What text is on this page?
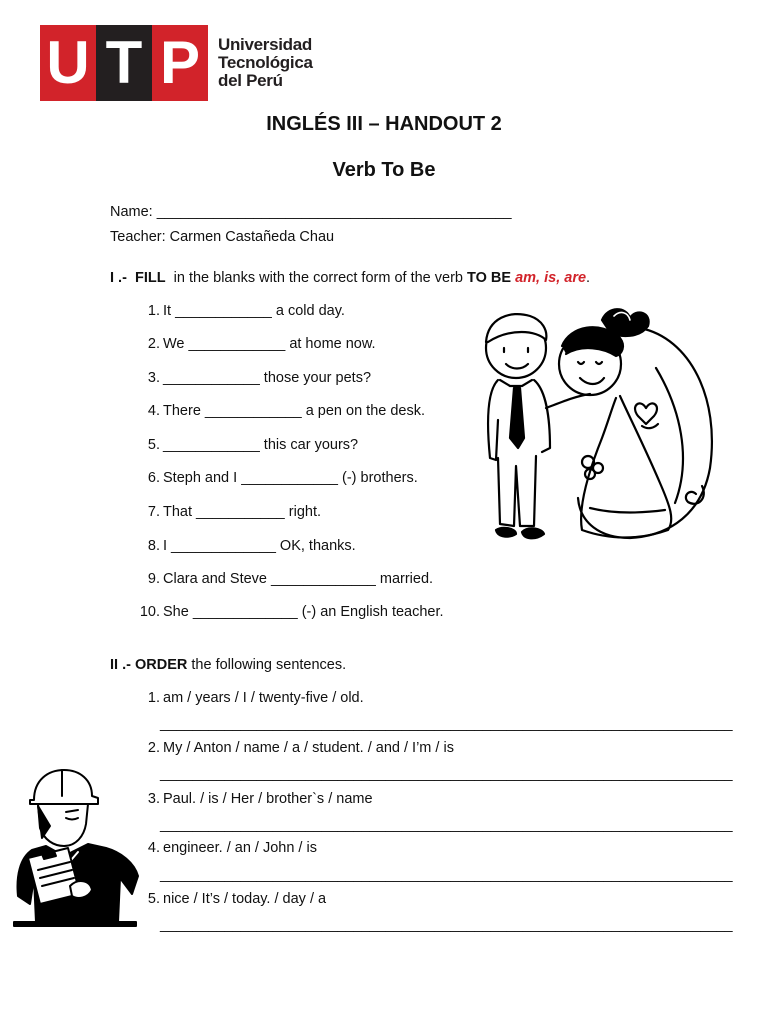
U T P	Universidad
Tecnológica
del Perú
INGLÉS III – HANDOUT 2
Verb To Be
Name: ____________________________________________
Teacher: Carmen Castañeda Chau
I .-  FILL  in the blanks with the correct form of the verb TO BE am, is, are.
1. It ____________ a cold day.
2. We ____________ at home now.
3. ____________ those your pets?
4. There ____________ a pen on the desk.
5. ____________ this car yours?
6. Steph and I ____________ (-) brothers.
7. That ___________ right.
8. I _____________ OK, thanks.
9. Clara and Steve _____________ married.
10. She _____________ (-) an English teacher.
II .- ORDER the following sentences.
1. am / years / I / twenty-five / old.
_______________________________________________________________________
2. My / Anton / name / a / student. / and / I’m / is
_______________________________________________________________________
3. Paul. / is / Her / brother`s / name
_______________________________________________________________________
4. engineer. / an / John / is
_______________________________________________________________________
5. nice / It’s / today. / day / a
_______________________________________________________________________
